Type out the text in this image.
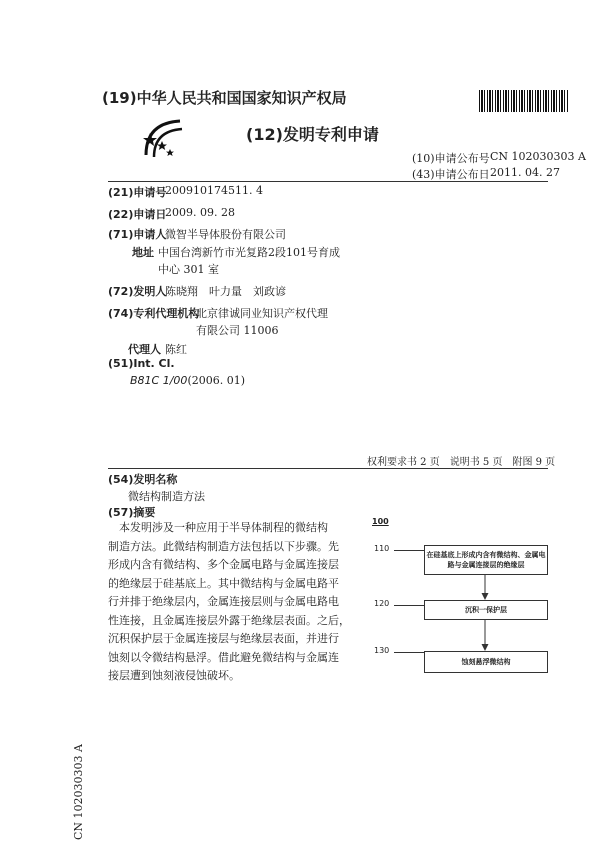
(19)中华人民共和国国家知识产权局
(12)发明专利申请
(10)申请公布号 CN 102030303 A
(43)申请公布日 2011. 04. 27
(21)申请号
200910174511. 4
(22)申请日
2009. 09. 28
(71)申请人
微智半导体股份有限公司
地址 中国台湾新竹市光复路2段101号育成
中心 301 室
(72)发明人
陈晓翔　叶力量　刘政谚
(74)专利代理机构
北京律诚同业知识产权代理
有限公司 11006
代理人 陈红
(51)Int. Cl.
B81C 1/00(2006. 01)
权利要求书 2 页　说明书 5 页　附图 9 页
(54)发明名称
微结构制造方法
(57)摘要
　本发明涉及一种应用于半导体制程的微结构
制造方法。此微结构制造方法包括以下步骤。先
形成内含有微结构、多个金属电路与金属连接层
的绝缘层于硅基底上。其中微结构与金属电路平
行并排于绝缘层内，金属连接层则与金属电路电
性连接，且金属连接层外露于绝缘层表面。之后，
沉积保护层于金属连接层与绝缘层表面，并进行
蚀刻以令微结构悬浮。借此避免微结构与金属连
接层遭到蚀刻液侵蚀破坏。
100
110
在硅基底上形成内含有微结构、金属电路与金属连接层的绝缘层
120
沉积一保护层
130
蚀刻悬浮微结构
CN 102030303 A
